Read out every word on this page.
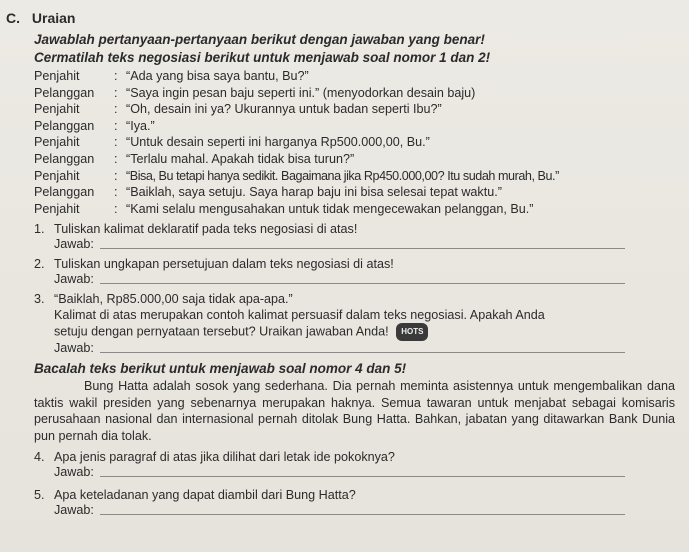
C. Uraian
Jawablah pertanyaan-pertanyaan berikut dengan jawaban yang benar!
Cermatilah teks negosiasi berikut untuk menjawab soal nomor 1 dan 2!
Penjahit	: “Ada yang bisa saya bantu, Bu?”
Pelanggan	: “Saya ingin pesan baju seperti ini.” (menyodorkan desain baju)
Penjahit	: “Oh, desain ini ya? Ukurannya untuk badan seperti Ibu?”
Pelanggan	: “Iya.”
Penjahit	: “Untuk desain seperti ini harganya Rp500.000,00, Bu.”
Pelanggan	: “Terlalu mahal. Apakah tidak bisa turun?”
Penjahit	: “Bisa, Bu tetapi hanya sedikit. Bagaimana jika Rp450.000,00? Itu sudah murah, Bu.”
Pelanggan	: “Baiklah, saya setuju. Saya harap baju ini bisa selesai tepat waktu.”
Penjahit	: “Kami selalu mengusahakan untuk tidak mengecewakan pelanggan, Bu.”
1. Tuliskan kalimat deklaratif pada teks negosiasi di atas!
Jawab:
2. Tuliskan ungkapan persetujuan dalam teks negosiasi di atas!
Jawab:
3. “Baiklah, Rp85.000,00 saja tidak apa-apa.”
Kalimat di atas merupakan contoh kalimat persuasif dalam teks negosiasi. Apakah Anda
setuju dengan pernyataan tersebut? Uraikan jawaban Anda! HOTS
Jawab:
Bacalah teks berikut untuk menjawab soal nomor 4 dan 5!
Bung Hatta adalah sosok yang sederhana. Dia pernah meminta asistennya untuk mengembalikan dana taktis wakil presiden yang sebenarnya merupakan haknya. Semua tawaran untuk menjabat sebagai komisaris perusahaan nasional dan internasional pernah ditolak Bung Hatta. Bahkan, jabatan yang ditawarkan Bank Dunia pun pernah dia tolak.
4. Apa jenis paragraf di atas jika dilihat dari letak ide pokoknya?
Jawab:
5. Apa keteladanan yang dapat diambil dari Bung Hatta?
Jawab:
